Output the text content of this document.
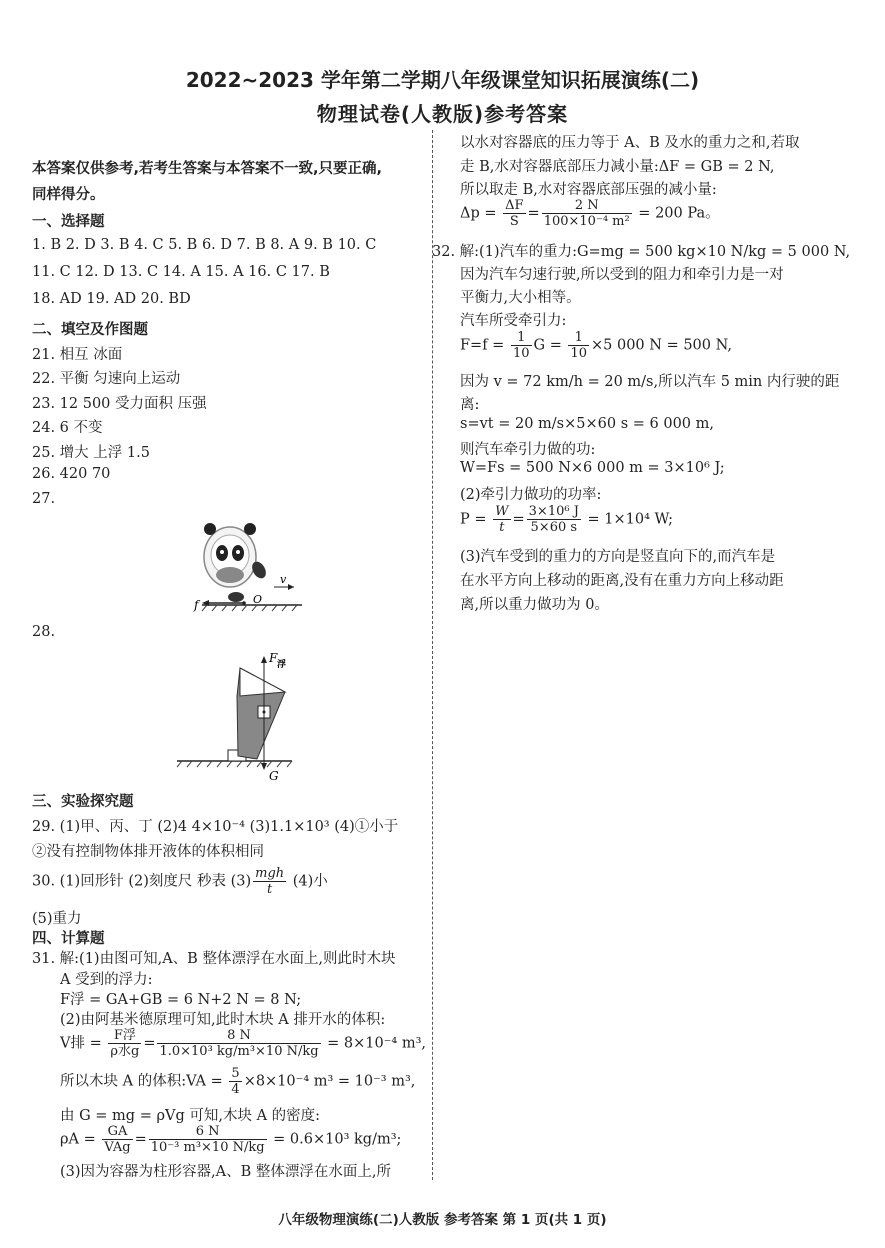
2022~2023 学年第二学期八年级课堂知识拓展演练(二)
物理试卷(人教版)参考答案
本答案仅供参考,若考生答案与本答案不一致,只要正确,
同样得分。
一、选择题
1. B 2. D 3. B 4. C 5. B 6. D 7. B 8. A 9. B 10. C
11. C 12. D 13. C 14. A 15. A 16. C 17. B
18. AD 19. AD 20. BD
二、填空及作图题
21. 相互 冰面
22. 平衡 匀速向上运动
23. 12 500 受力面积 压强
24. 6 不变
25. 增大 上浮 1.5
26. 420 70
27.
v
f	O
28.
F 浮
G
三、实验探究题
29. (1)甲、丙、丁 (2)4 4×10⁻⁴ (3)1.1×10³ (4)①小于
②没有控制物体排开液体的体积相同
30. (1)回形针 (2)刻度尺 秒表 $(3) \frac{\text{mgh}}{t} (4)$小
(5)重力
四、计算题
31. 解:(1)由图可知,A、B 整体漂浮在水面上,则此时木块
A 受到的浮力:
F浮 = GA+GB = 6 N+2 N = 8 N;
(2)由阿基米德原理可知,此时木块 A 排开水的体积:
V排 = $\frac{\text{F浮}}{\text{ρ水g}} = \frac{8 N}{\text{1.0×10³ kg/m³×10 N/kg}} = 8\times 10^{-4}$ m³,
所以木块 A 的体积:VA = $\frac{5}{4} \times 8\times 10^{-4}$ m³ = 10⁻³ m³,
由 G = mg = ρVg 可知,木块 A 的密度:
$\rho A = \frac{GA}{\text{VAg}} = \frac{6 N}{\text{10⁻³ m³×10 N/kg}} = 0.6\times 10^3$ kg/m³;
(3)因为容器为柱形容器,A、B 整体漂浮在水面上,所
以水对容器底的压力等于 A、B 及水的重力之和,若取
走 B,水对容器底部压力减小量:ΔF = GB = 2 N,
所以取走 B,水对容器底部压强的减小量:
$\Delta p = \frac{\Delta F}{S} = \frac{2 N}{\text{100×10⁻⁴ m²}} = 200$ Pa。
32. 解:(1)汽车的重力:G=mg = 500 kg×10 N/kg = 5 000 N,
因为汽车匀速行驶,所以受到的阻力和牵引力是一对
平衡力,大小相等。
汽车所受牵引力:
$F=f = \frac{1}{10}$ $G = \frac{1}{10} \times 5$ 000 N = 500 N,
因为 v = 72 km/h = 20 m/s,所以汽车 5 min 内行驶的距
离:
s=vt = 20 m/s×5×60 s = 6 000 m,
则汽车牵引力做的功:
W=Fs = 500 N×6 000 m = 3×10⁶ J;
(2)牵引力做功的功率:
$P = \frac{W}{t} = \frac{\text{3×10⁶ J}}{5\times 60 s} = 1\times 10^4$ W;
(3)汽车受到的重力的方向是竖直向下的,而汽车是
在水平方向上移动的距离,没有在重力方向上移动距
离,所以重力做功为 0。
八年级物理演练(二)人教版 参考答案 第 1 页(共 1 页)
